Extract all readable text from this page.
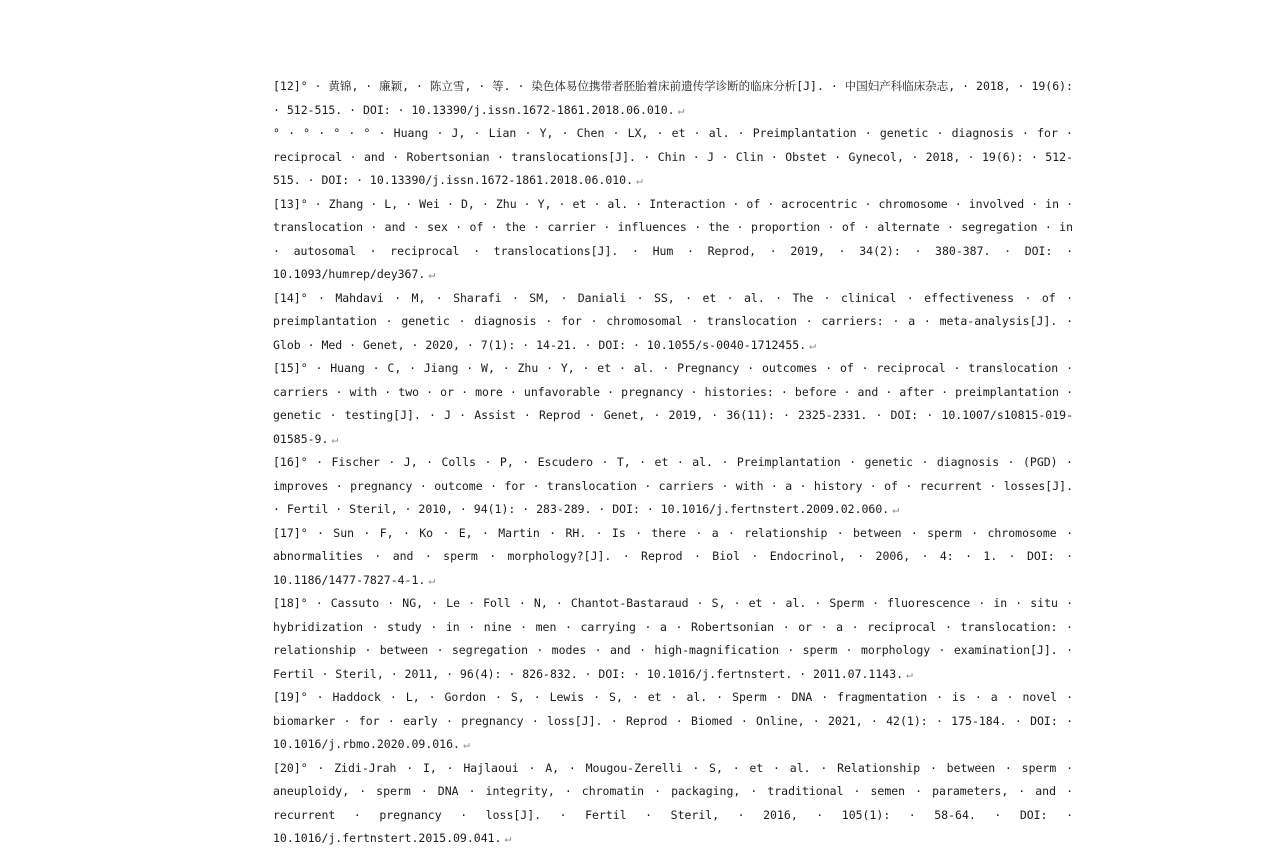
[12]° · 黄锦, · 廉颖, · 陈立雪, · 等. · 染色体易位携带者胚胎着床前遗传学诊断的临床分析[J]. · 中国妇产科临床杂志, · 2018, · 19(6): · 512-515. · DOI: · 10.13390/j.issn.1672-1861.2018.06.010. ↵
° · ° · ° · ° · Huang · J, · Lian · Y, · Chen · LX, · et · al. · Preimplantation · genetic · diagnosis · for · reciprocal · and · Robertsonian · translocations[J]. · Chin · J · Clin · Obstet · Gynecol, · 2018, · 19(6): · 512-515. · DOI: · 10.13390/j.issn.1672-1861.2018.06.010. ↵
[13]° · Zhang · L, · Wei · D, · Zhu · Y, · et · al. · Interaction · of · acrocentric · chromosome · involved · in · translocation · and · sex · of · the · carrier · influences · the · proportion · of · alternate · segregation · in · autosomal · reciprocal · translocations[J]. · Hum · Reprod, · 2019, · 34(2): · 380-387. · DOI: · 10.1093/humrep/dey367. ↵
[14]° · Mahdavi · M, · Sharafi · SM, · Daniali · SS, · et · al. · The · clinical · effectiveness · of · preimplantation · genetic · diagnosis · for · chromosomal · translocation · carriers: · a · meta-analysis[J]. · Glob · Med · Genet, · 2020, · 7(1): · 14-21. · DOI: · 10.1055/s-0040-1712455. ↵
[15]° · Huang · C, · Jiang · W, · Zhu · Y, · et · al. · Pregnancy · outcomes · of · reciprocal · translocation · carriers · with · two · or · more · unfavorable · pregnancy · histories: · before · and · after · preimplantation · genetic · testing[J]. · J · Assist · Reprod · Genet, · 2019, · 36(11): · 2325-2331. · DOI: · 10.1007/s10815-019-01585-9. ↵
[16]° · Fischer · J, · Colls · P, · Escudero · T, · et · al. · Preimplantation · genetic · diagnosis · (PGD) · improves · pregnancy · outcome · for · translocation · carriers · with · a · history · of · recurrent · losses[J]. · Fertil · Steril, · 2010, · 94(1): · 283-289. · DOI: · 10.1016/j.fertnstert.2009.02.060. ↵
[17]° · Sun · F, · Ko · E, · Martin · RH. · Is · there · a · relationship · between · sperm · chromosome · abnormalities · and · sperm · morphology?[J]. · Reprod · Biol · Endocrinol, · 2006, · 4: · 1. · DOI: · 10.1186/1477-7827-4-1. ↵
[18]° · Cassuto · NG, · Le · Foll · N, · Chantot-Bastaraud · S, · et · al. · Sperm · fluorescence · in · situ · hybridization · study · in · nine · men · carrying · a · Robertsonian · or · a · reciprocal · translocation: · relationship · between · segregation · modes · and · high-magnification · sperm · morphology · examination[J]. · Fertil · Steril, · 2011, · 96(4): · 826-832. · DOI: · 10.1016/j.fertnstert. · 2011.07.1143. ↵
[19]° · Haddock · L, · Gordon · S, · Lewis · S, · et · al. · Sperm · DNA · fragmentation · is · a · novel · biomarker · for · early · pregnancy · loss[J]. · Reprod · Biomed · Online, · 2021, · 42(1): · 175-184. · DOI: · 10.1016/j.rbmo.2020.09.016. ↵
[20]° · Zidi-Jrah · I, · Hajlaoui · A, · Mougou-Zerelli · S, · et · al. · Relationship · between · sperm · aneuploidy, · sperm · DNA · integrity, · chromatin · packaging, · traditional · semen · parameters, · and · recurrent · pregnancy · loss[J]. · Fertil · Steril, · 2016, · 105(1): · 58-64. · DOI: · 10.1016/j.fertnstert.2015.09.041. ↵
